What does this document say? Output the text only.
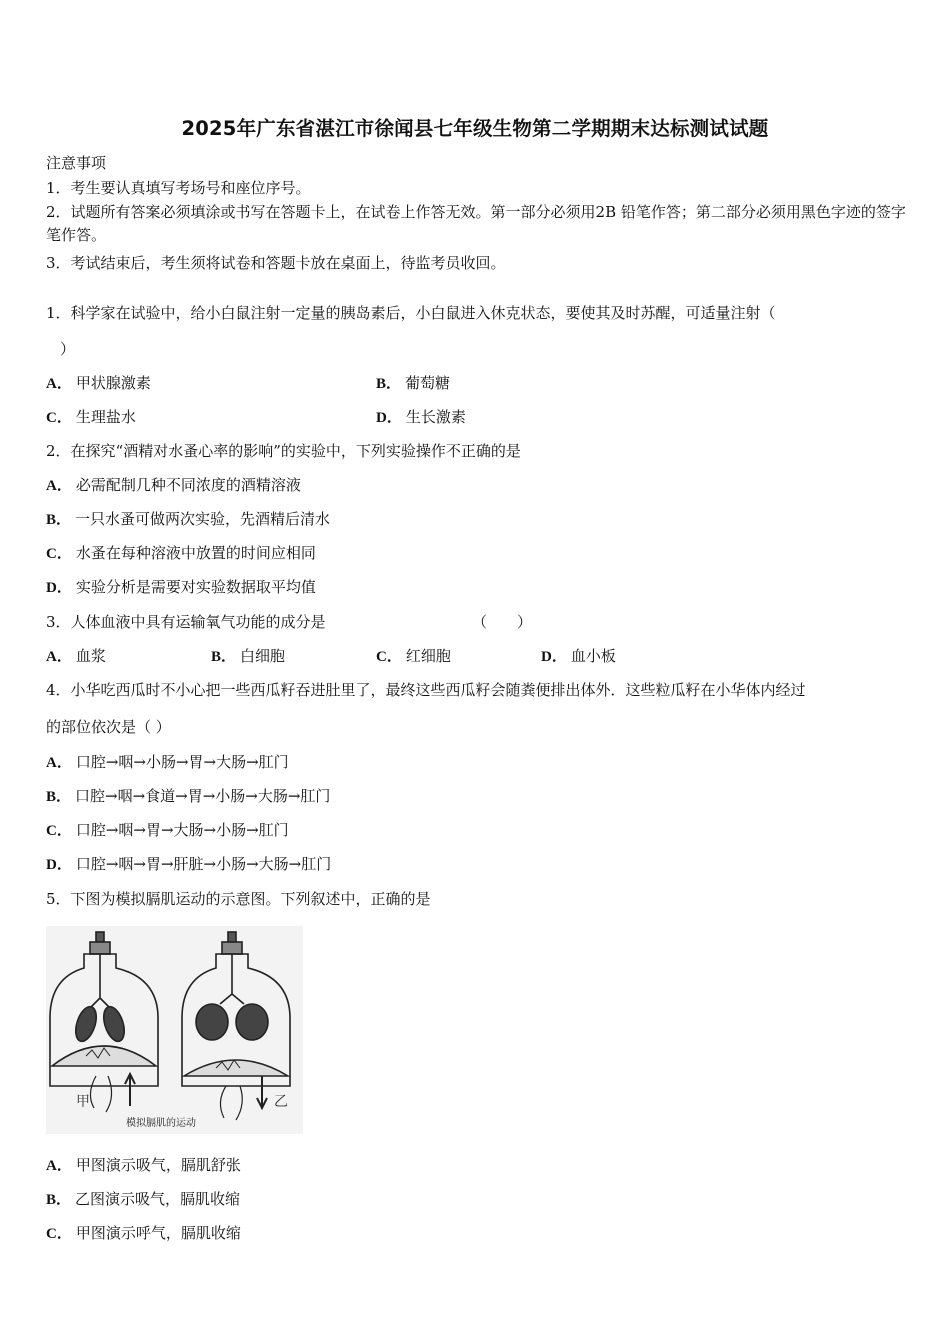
2025年广东省湛江市徐闻县七年级生物第二学期期末达标测试试题
注意事项
1．考生要认真填写考场号和座位序号。
2．试题所有答案必须填涂或书写在答题卡上，在试卷上作答无效。第一部分必须用2B 铅笔作答；第二部分必须用黑色字迹的签字笔作答。
3．考试结束后，考生须将试卷和答题卡放在桌面上，待监考员收回。
1．科学家在试验中，给小白鼠注射一定量的胰岛素后，小白鼠进入休克状态，要使其及时苏醒，可适量注射（
）
A． 甲状腺激素	B． 葡萄糖
C． 生理盐水	D． 生长激素
2．在探究“酒精对水蚤心率的影响”的实验中，下列实验操作不正确的是
A． 必需配制几种不同浓度的酒精溶液
B． 一只水蚤可做两次实验，先酒精后清水
C． 水蚤在每种溶液中放置的时间应相同
D． 实验分析是需要对实验数据取平均值
3．人体血液中具有运输氧气功能的成分是	（　　）
A． 血浆	B． 白细胞	C． 红细胞	D． 血小板
4．小华吃西瓜时不小心把一些西瓜籽吞进肚里了，最终这些西瓜籽会随粪便排出体外．这些粒瓜籽在小华体内经过
的部位依次是（ ）
A． 口腔→咽→小肠→胃→大肠→肛门
B． 口腔→咽→食道→胃→小肠→大肠→肛门
C． 口腔→咽→胃→大肠→小肠→肛门
D． 口腔→咽→胃→肝脏→小肠→大肠→肛门
5．下图为模拟膈肌运动的示意图。下列叙述中，正确的是
甲	乙
模拟膈肌的运动
A． 甲图演示吸气，膈肌舒张
B． 乙图演示吸气，膈肌收缩
C． 甲图演示呼气，膈肌收缩
